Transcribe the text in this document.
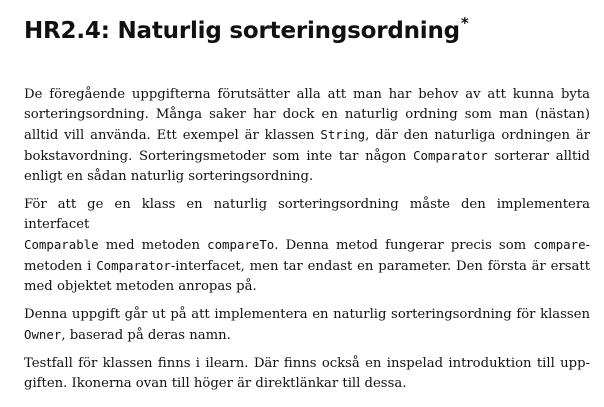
HR2.4: Naturlig sorteringsordning*

De föregående uppgifterna förutsätter alla att man har behov av att kunna byta
sorteringsordning. Många saker har dock en naturlig ordning som man (nästan)
alltid vill använda. Ett exempel är klassen String, där den naturliga ordningen är
bokstavordning. Sorteringsmetoder som inte tar någon Comparator sorterar alltid
enligt en sådan naturlig sorteringsordning.

För att ge en klass en naturlig sorteringsordning måste den implementera interfacet
Comparable med metoden compareTo. Denna metod fungerar precis som compare-
metoden i Comparator-interfacet, men tar endast en parameter. Den första är ersatt
med objektet metoden anropas på.

Denna uppgift går ut på att implementera en naturlig sorteringsordning för klassen
Owner, baserad på deras namn.

Testfall för klassen finns i ilearn. Där finns också en inspelad introduktion till upp-
giften. Ikonerna ovan till höger är direktlänkar till dessa.
